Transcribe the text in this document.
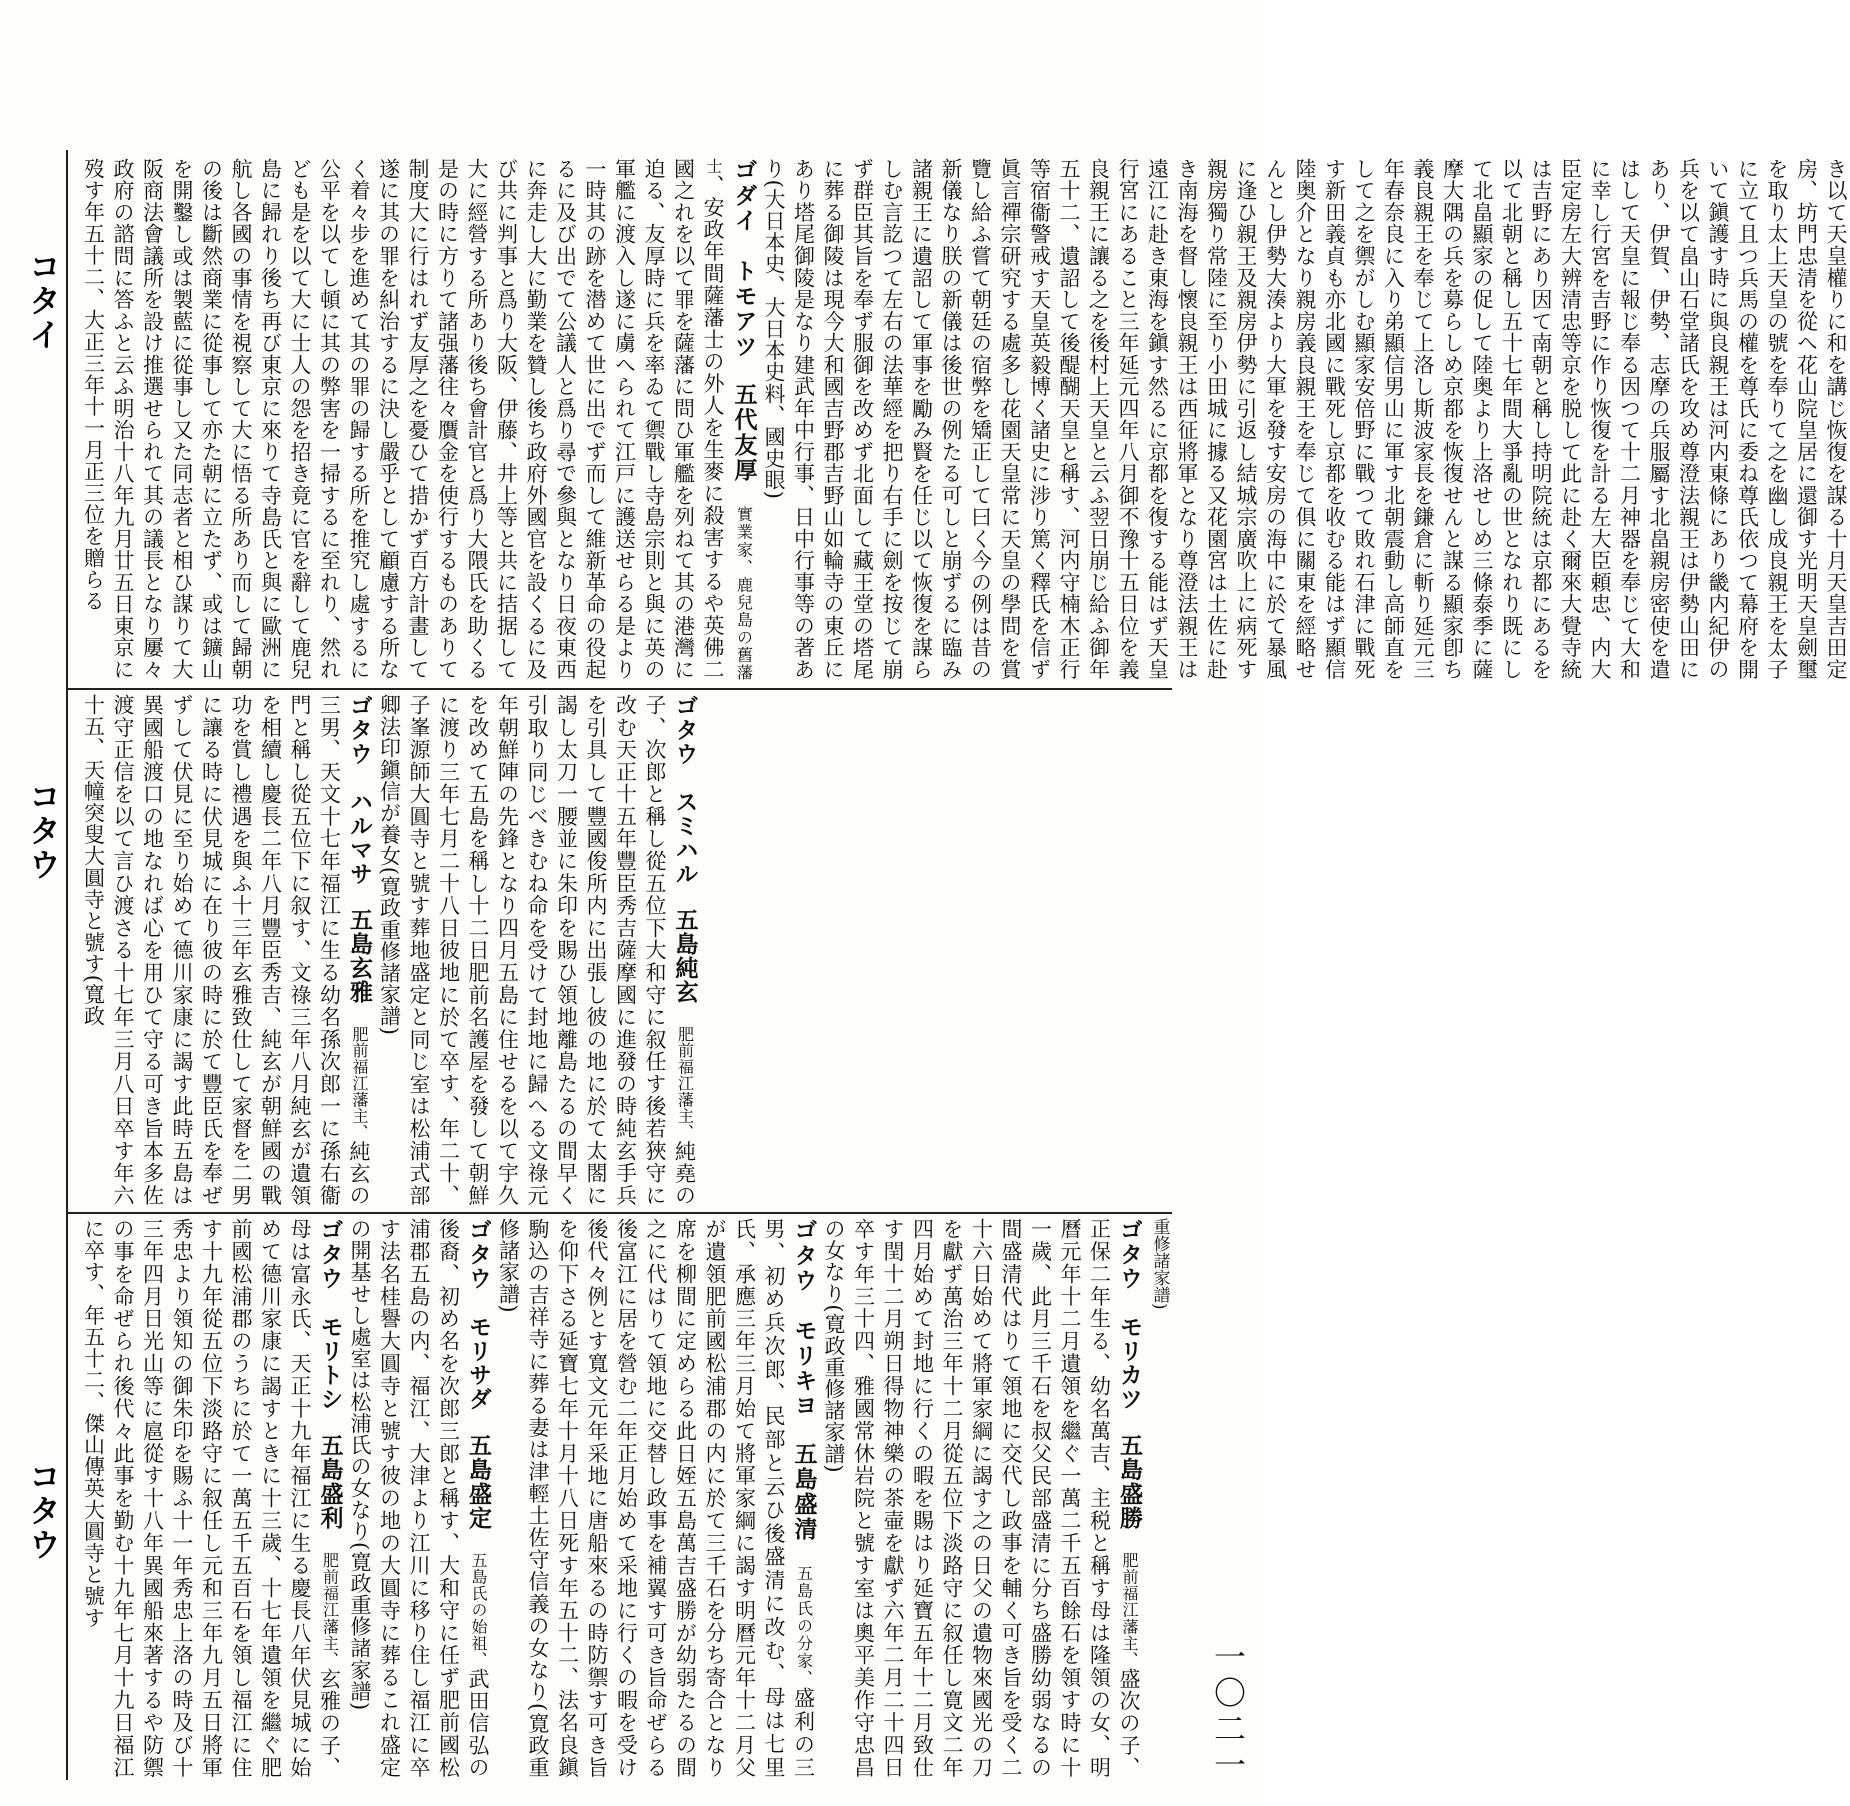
コタイ
コタウ
コタウ
一〇二一
き以て天皇權りに和を講じ恢復を謀る十月天皇吉田定房、坊門忠清を從へ花山院皇居に還御す光明天皇劍璽を取り太上天皇の號を奉りて之を幽し成良親王を太子に立て且つ兵馬の權を尊氏に委ね尊氏依つて幕府を開いて鎭護す時に與良親王は河内東條にあり畿内紀伊の兵を以て畠山石堂諸氏を攻め尊澄法親王は伊勢山田にあり、伊賀、伊勢、志摩の兵服屬す北畠親房密使を遣はして天皇に報じ奉る因つて十二月神器を奉じて大和に幸し行宮を吉野に作り恢復を計る左大臣頼忠、内大臣定房左大辨清忠等京を脱して此に赴く爾來大覺寺統は吉野にあり因て南朝と稱し持明院統は京都にあるを以て北朝と稱し五十七年間大爭亂の世となれり既にして北畠顯家の促して陸奥より上洛せしめ三條泰季に薩摩大隅の兵を募らしめ京都を恢復せんと謀る顯家卽ち義良親王を奉じて上洛し斯波家長を鎌倉に斬り延元三年春奈良に入り弟顯信男山に軍す北朝震動し高師直をして之を禦がしむ顯家安倍野に戰つて敗れ石津に戰死す新田義貞も亦北國に戰死し京都を收むる能はず顯信陸奥介となり親房義良親王を奉じて俱に關東を經略せんとし伊勢大湊より大軍を發す安房の海中に於て暴風に逢ひ親王及親房伊勢に引返し結城宗廣吹上に病死す親房獨り常陸に至り小田城に據る又花園宮は土佐に赴き南海を督し懷良親王は西征將軍となり尊澄法親王は遠江に赴き東海を鎭す然るに京都を復する能はず天皇行宮にあること三年延元四年八月御不豫十五日位を義良親王に讓る之を後村上天皇と云ふ翌日崩じ給ふ御年五十二、遺詔して後醍醐天皇と稱す、河内守楠木正行等宿衞警戒す天皇英毅博く諸史に涉り篤く釋氏を信ず眞言禪宗研究する處多し花園天皇常に天皇の學問を賞覽し給ふ嘗て朝廷の宿弊を矯正して曰く今の例は昔の新儀なり朕の新儀は後世の例たる可しと崩ずるに臨み諸親王に遺詔して軍事を勵み賢を任じ以て恢復を謀らしむ言訖つて左右の法華經を把り右手に劍を按じて崩ず群臣其旨を奉ず服御を改めず北面して藏王堂の塔尾に葬る御陵は現今大和國吉野郡吉野山如輪寺の東丘にあり塔尾御陵是なり建武年中行事、日中行事等の著あり(大日本史、大日本史料、國史眼)
ゴダイ　トモアツ　五代友厚　實業家、鹿兒島の舊藩士、安政年間薩藩士の外人を生麥に殺害するや英佛二國之れを以て罪を薩藩に問ひ軍艦を列ねて其の港灣に迫る、友厚時に兵を率ゐて禦戰し寺島宗則と與に英の軍艦に渡入し遂に虜へられて江戸に護送せらる是より一時其の跡を潜めて世に出でず而して維新革命の役起るに及び出でて公議人と爲り尋で參與となり日夜東西に奔走し大に勤業を贊し後ち政府外國官を設くるに及び共に判事と爲り大阪、伊藤、井上等と共に拮据して大に經營する所あり後ち會計官と爲り大隈氏を助くる是の時に方りて諸强藩往々贋金を使行するものありて制度大に行はれず友厚之を憂ひて措かず百方計畫して遂に其の罪を糾治するに決し嚴乎として顧慮する所なく着々步を進めて其の罪の歸する所を推究し處するに公平を以てし頓に其の弊害を一掃するに至れり、然れども是を以て大に士人の怨を招き竟に官を辭して鹿兒島に歸れり後ち再び東京に來りて寺島氏と與に歐洲に航し各國の事情を視察して大に悟る所あり而して歸朝の後は斷然商業に從事して亦た朝に立たず、或は鑛山を開鑿し或は製藍に從事し又た同志者と相ひ謀りて大阪商法會議所を設け推選せられて其の議長となり屢々政府の諮問に答ふと云ふ明治十八年九月廿五日東京に歿す年五十二、大正三年十一月正三位を贈らる
ゴタウ　スミハル　五島純玄　肥前福江藩主、純堯の子、次郎と稱し從五位下大和守に叙任す後若狹守に改む天正十五年豐臣秀吉薩摩國に進發の時純玄手兵を引具して豐國俊所内に出張し彼の地に於て太閤に謁し太刀一腰並に朱印を賜ひ領地離島たるの間早く引取り同じべきむね命を受けて封地に歸へる文祿元年朝鮮陣の先鋒となり四月五島に住せるを以て宇久を改めて五島を稱し十二日肥前名護屋を發して朝鮮に渡り三年七月二十八日彼地に於て卒す、年二十、子峯源師大圓寺と號す葬地盛定と同じ室は松浦式部卿法印鎭信が養女(寛政重修諸家譜)
ゴタウ　ハルマサ　五島玄雅　肥前福江藩主、純玄の三男、天文十七年福江に生る幼名孫次郎一に孫右衞門と稱し從五位下に叙す、文祿三年八月純玄が遺領を相續し慶長二年八月豐臣秀吉、純玄が朝鮮國の戰功を賞し禮遇を與ふ十三年玄雅致仕して家督を二男に讓る時に伏見城に在り彼の時に於て豐臣氏を奉ぜずして伏見に至り始めて德川家康に謁す此時五島は異國船渡口の地なれば心を用ひて守る可き旨本多佐渡守正信を以て言ひ渡さる十七年三月八日卒す年六十五、天幢突叟大圓寺と號す(寬政
重修諸家譜)
ゴタウ　モリカツ　五島盛勝　肥前福江藩主、盛次の子、正保二年生る、幼名萬吉、主税と稱す母は隆領の女、明曆元年十二月遺領を繼ぐ一萬二千五百餘石を領す時に十一歲、此月三千石を叔父民部盛清に分ち盛勝幼弱なるの間盛清代はりて領地に交代し政事を輔く可き旨を受く二十六日始めて將軍家綱に謁す之の日父の遺物來國光の刀を獻ず萬治三年十二月從五位下淡路守に叙任し寛文二年四月始めて封地に行くの暇を賜はり延寶五年十二月致仕す閏十二月朔日得物神樂の茶壷を獻ず六年二月二十四日卒す年三十四、雅國常休岩院と號す室は奧平美作守忠昌の女なり(寛政重修諸家譜)
ゴタウ　モリキヨ　五島盛清　五島氏の分家、盛利の三男、初め兵次郎、民部と云ひ後盛清に改む、母は七里氏、承應三年三月始て將軍家綱に謁す明曆元年十二月父が遺領肥前國松浦郡の内に於て三千石を分ち寄合となり席を柳間に定めらる此日姪五島萬吉盛勝が幼弱たるの間之に代はりて領地に交替し政事を補翼す可き旨命ぜらる後富江に居を營む二年正月始めて采地に行くの暇を受け後代々例とす寬文元年采地に唐船來るの時防禦す可き旨を仰下さる延寶七年十月十八日死す年五十二、法名良鎭駒込の吉祥寺に葬る妻は津輕土佐守信義の女なり(寛政重修諸家譜)
ゴタウ　モリサダ　五島盛定　五島氏の始祖、武田信弘の後裔、初め名を次郎三郎と稱す、大和守に任ず肥前國松浦郡五島の内、福江、大津より江川に移り住し福江に卒す法名桂譽大圓寺と號す彼の地の大圓寺に葬るこれ盛定の開基せし處室は松浦氏の女なり(寛政重修諸家譜)
ゴタウ　モリトシ　五島盛利　肥前福江藩主、玄雅の子、母は富永氏、天正十九年福江に生る慶長八年伏見城に始めて德川家康に謁すときに十三歲、十七年遺領を繼ぐ肥前國松浦郡のうちに於て一萬五千五百石を領し福江に住す十九年從五位下淡路守に叙任し元和三年九月五日將軍秀忠より領知の御朱印を賜ふ十一年秀忠上洛の時及び十三年四月日光山等に扈從す十八年異國船來著するや防禦の事を命ぜられ後代々此事を勤む十九年七月十九日福江に卒す、年五十二、傑山傳英大圓寺と號す
